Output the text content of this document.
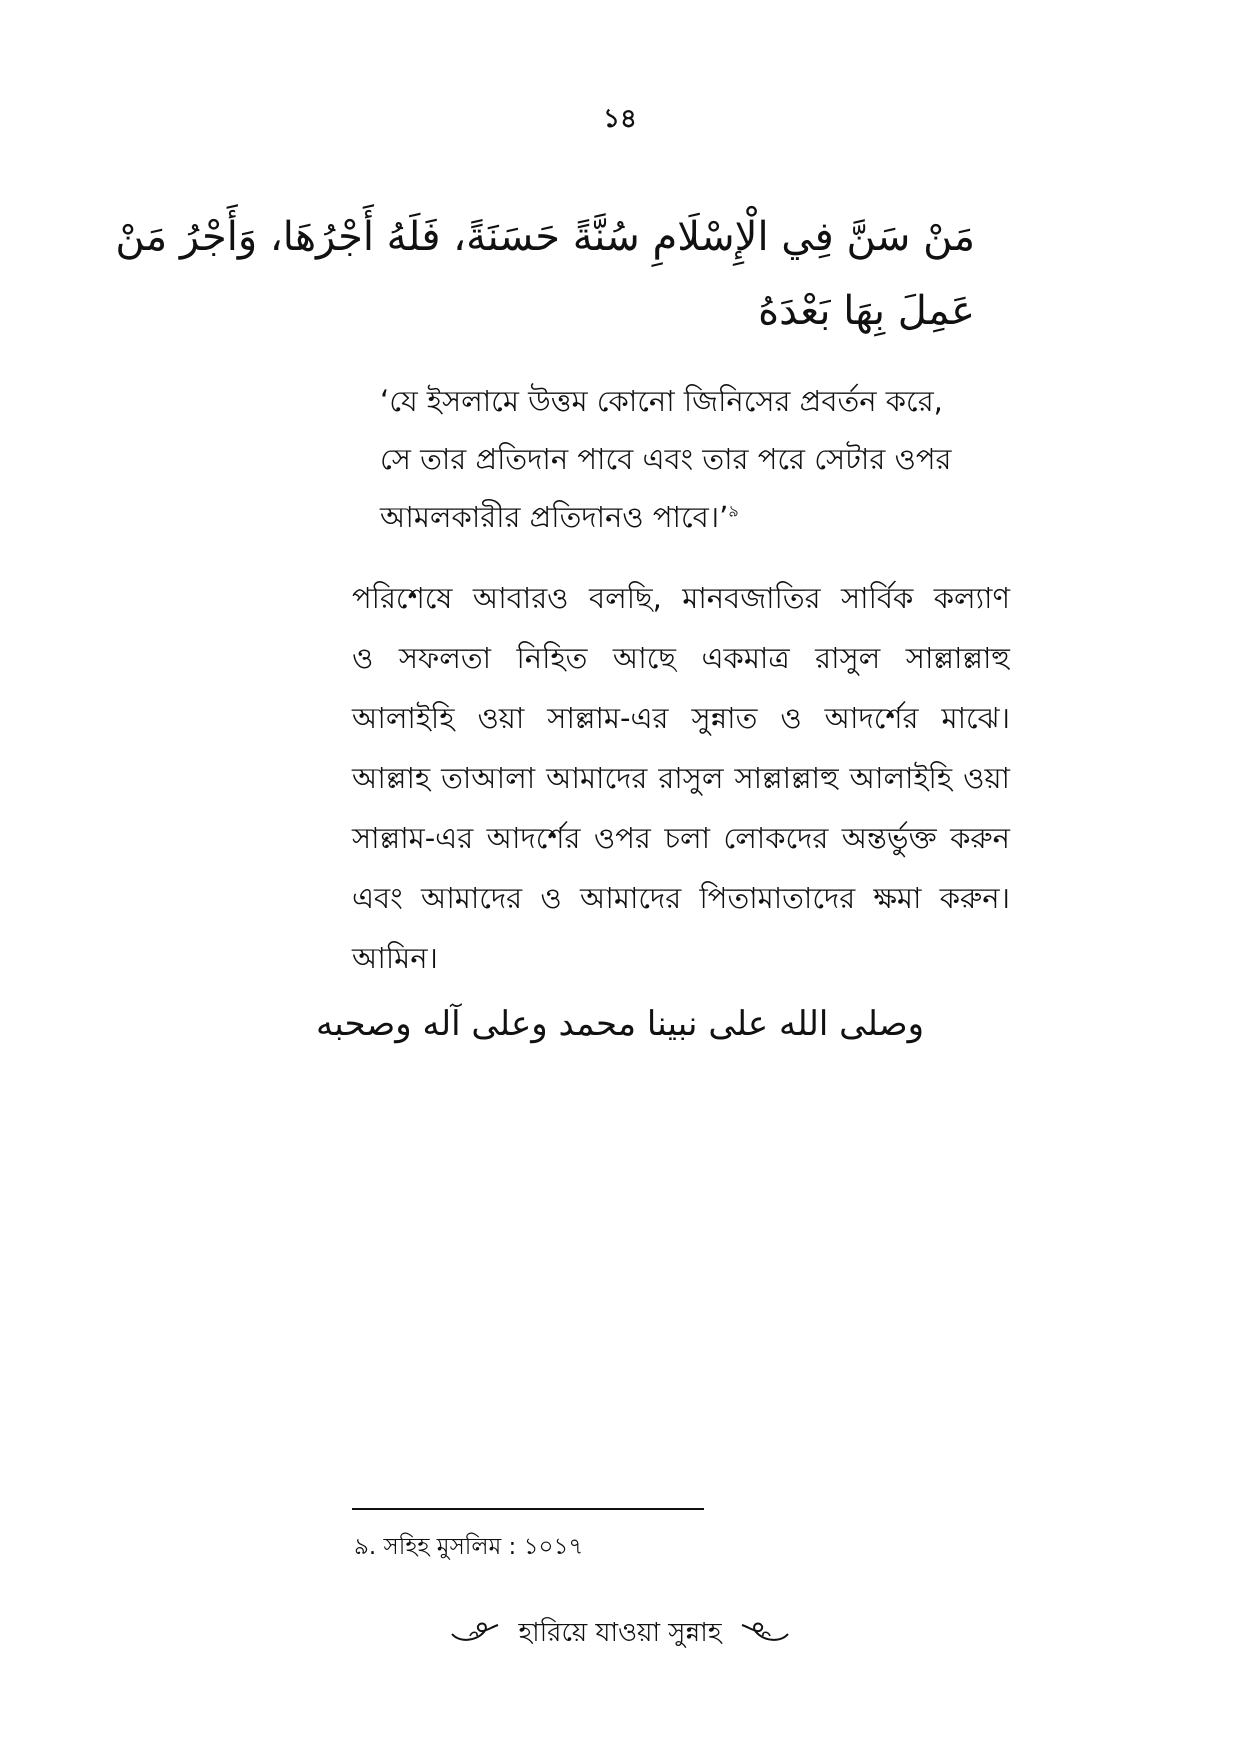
১৪
مَنْ سَنَّ فِي الْإِسْلَامِ سُنَّةً حَسَنَةً، فَلَهُ أَجْرُهَا، وَأَجْرُ مَنْ
عَمِلَ بِهَا بَعْدَهُ
‘যে ইসলামে উত্তম কোনো জিনিসের প্রবর্তন করে,
সে তার প্রতিদান পাবে এবং তার পরে সেটার ওপর
আমলকারীর প্রতিদানও পাবে।’$^৯$
পরিশেষে আবারও বলছি, মানবজাতির সার্বিক কল্যাণ
ও সফলতা নিহিত আছে একমাত্র রাসুল সাল্লাল্লাহু
আলাইহি ওয়া সাল্লাম-এর সুন্নাত ও আদর্শের মাঝে।
আল্লাহ তাআলা আমাদের রাসুল সাল্লাল্লাহু আলাইহি ওয়া
সাল্লাম-এর আদর্শের ওপর চলা লোকদের অন্তর্ভুক্ত করুন
এবং আমাদের ও আমাদের পিতামাতাদের ক্ষমা করুন।
আমিন।
وصلى الله على نبينا محمد وعلى آله وصحبه
৯. সহিহ মুসলিম : ১০১৭
হারিয়ে যাওয়া সুন্নাহ
